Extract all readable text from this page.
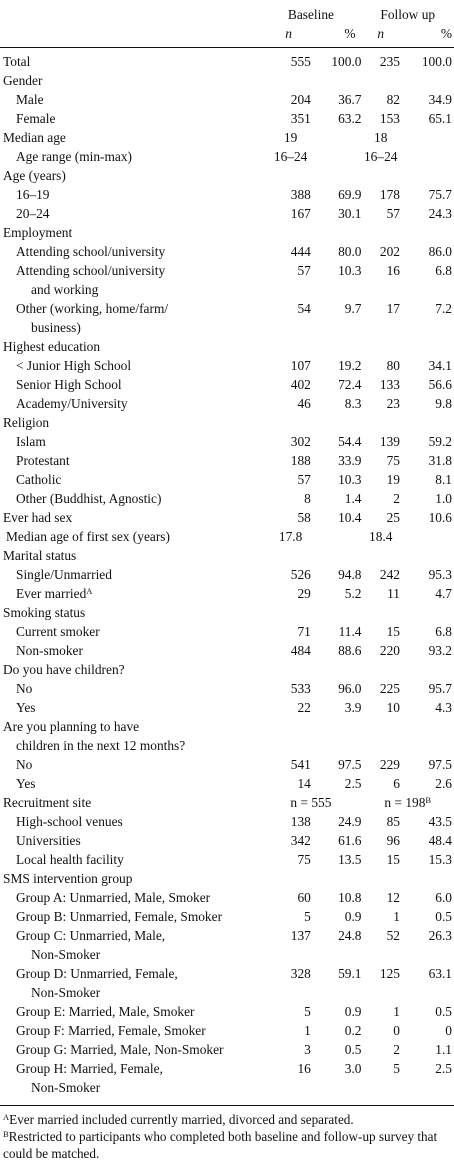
	Baseline		Follow up	
	n	%	n	%
Total	555	100.0	235	100.0
Gender				
Male	204	36.7	82	34.9
Female	351	63.2	153	65.1
Median age	19		18	
Age range (min-max)	16–24		16–24	
Age (years)				
16–19	388	69.9	178	75.7
20–24	167	30.1	57	24.3
Employment				
Attending school/university	444	80.0	202	86.0
Attending school/university	57	10.3	16	6.8
and working				
Other (working, home/farm/	54	9.7	17	7.2
business)				
Highest education				
< Junior High School	107	19.2	80	34.1
Senior High School	402	72.4	133	56.6
Academy/University	46	8.3	23	9.8
Religion				
Islam	302	54.4	139	59.2
Protestant	188	33.9	75	31.8
Catholic	57	10.3	19	8.1
Other (Buddhist, Agnostic)	8	1.4	2	1.0
Ever had sex	58	10.4	25	10.6
Median age of first sex (years)	17.8		18.4	
Marital status				
Single/Unmarried	526	94.8	242	95.3
Ever married$^A$	29	5.2	11	4.7
Smoking status				
Current smoker	71	11.4	15	6.8
Non-smoker	484	88.6	220	93.2
Do you have children?				
No	533	96.0	225	95.7
Yes	22	3.9	10	4.3
Are you planning to have				
children in the next 12 months?				
No	541	97.5	229	97.5
Yes	14	2.5	6	2.6
Recruitment site	n = 555		$n = 198^B$
High-school venues	138	24.9	85	43.5
Universities	342	61.6	96	48.4
Local health facility	75	13.5	15	15.3
SMS intervention group				
Group A: Unmarried, Male, Smoker	60	10.8	12	6.0
Group B: Unmarried, Female, Smoker	5	0.9	1	0.5
Group C: Unmarried, Male,	137	24.8	52	26.3
Non-Smoker				
Group D: Unmarried, Female,	328	59.1	125	63.1
Non-Smoker				
Group E: Married, Male, Smoker	5	0.9	1	0.5
Group F: Married, Female, Smoker	1	0.2	0	0
Group G: Married, Male, Non-Smoker	3	0.5	2	1.1
Group H: Married, Female,	16	3.0	5	2.5
Non-Smoker				
$^A$Ever married included currently married, divorced and separated.
$^B$Restricted to participants who completed both baseline and follow-up survey that could be matched.
